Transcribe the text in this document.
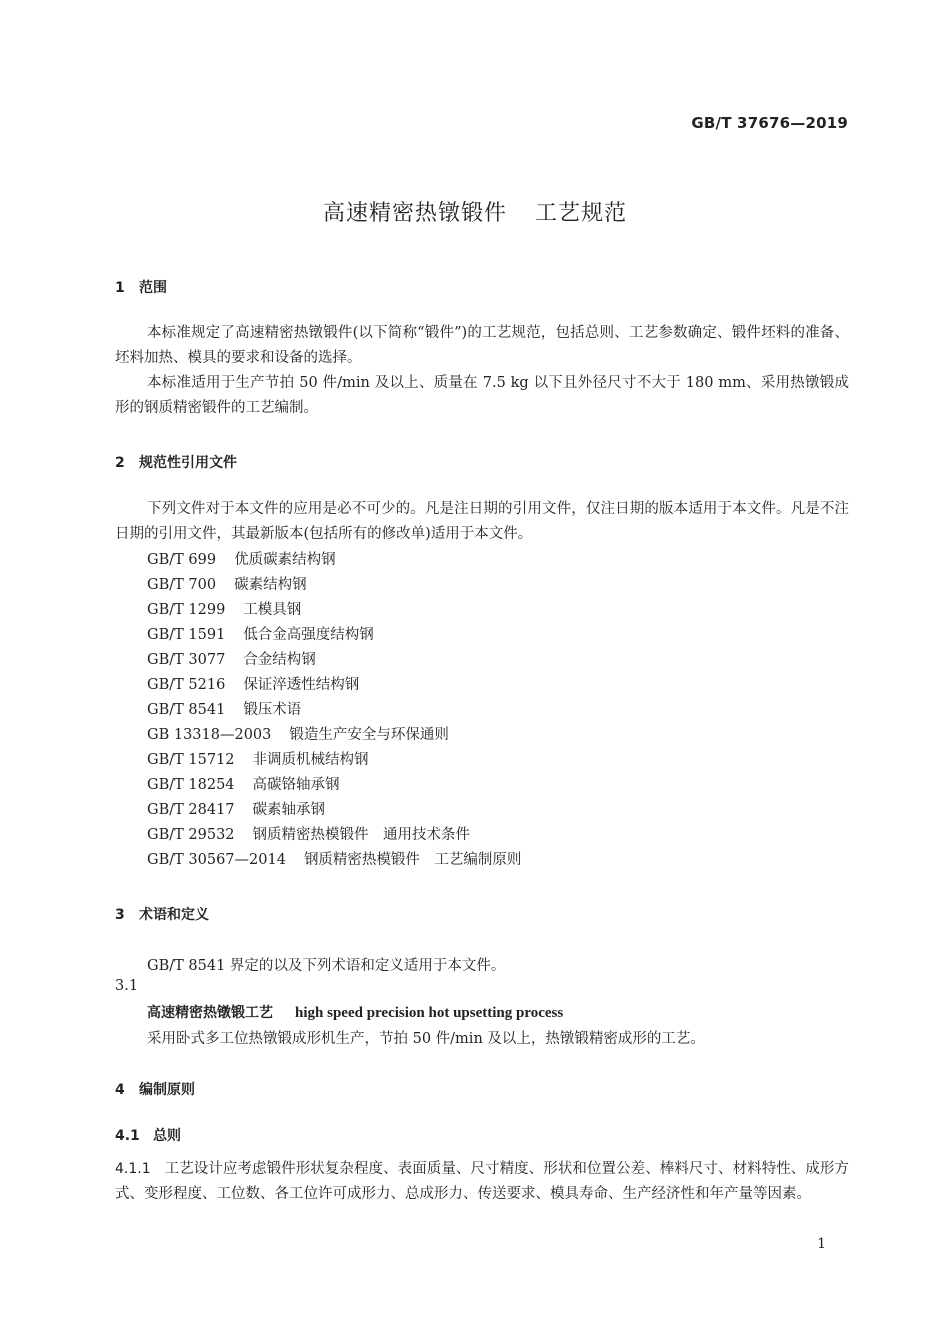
GB/T 37676—2019
高速精密热镦锻件 工艺规范
1 范围

本标准规定了高速精密热镦锻件(以下简称“锻件”)的工艺规范，包括总则、工艺参数确定、锻件坯料的准备、坯料加热、模具的要求和设备的选择。

本标准适用于生产节拍 50 件/min 及以上、质量在 7.5 kg 以下且外径尺寸不大于 180 mm、采用热镦锻成形的钢质精密锻件的工艺编制。

2 规范性引用文件

下列文件对于本文件的应用是必不可少的。凡是注日期的引用文件，仅注日期的版本适用于本文件。凡是不注日期的引用文件，其最新版本(包括所有的修改单)适用于本文件。

GB/T 699 优质碳素结构钢
GB/T 700 碳素结构钢
GB/T 1299 工模具钢
GB/T 1591 低合金高强度结构钢
GB/T 3077 合金结构钢
GB/T 5216 保证淬透性结构钢
GB/T 8541 锻压术语
GB 13318—2003 锻造生产安全与环保通则
GB/T 15712 非调质机械结构钢
GB/T 18254 高碳铬轴承钢
GB/T 28417 碳素轴承钢
GB/T 29532 钢质精密热模锻件　通用技术条件
GB/T 30567—2014 钢质精密热模锻件　工艺编制原则
3 术语和定义
GB/T 8541 界定的以及下列术语和定义适用于本文件。
3.1
高速精密热镦锻工艺 high speed precision hot upsetting process
采用卧式多工位热镦锻成形机生产，节拍 50 件/min 及以上，热镦锻精密成形的工艺。
4 编制原则
4.1 总则

4.1.1 工艺设计应考虑锻件形状复杂程度、表面质量、尺寸精度、形状和位置公差、棒料尺寸、材料特性、成形方式、变形程度、工位数、各工位许可成形力、总成形力、传送要求、模具寿命、生产经济性和年产量等因素。

1
